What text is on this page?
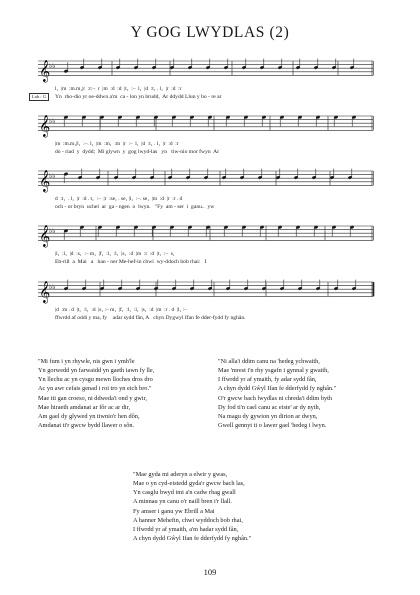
Y GOG LWYDLAS (2)
𝄞
♭♭
Lah : G
l₁  |m  :m.m₁|r  :r:–  r  |m  :d  :d  |t₁  :–  l₁  |d  :t₁ . l₁  |r  :d  :r
Yn  rho-dio yr oe-ddwn a'm  ca - lon yn brudd,  Ar ddydd Llun y bo - re ar
𝄞
♭♭
|m  :m.m₁|l₁  :–. l₁  |m  :m₁  :m  |r  :–  l₁  |d  :t₁ . l₁  |r  :d  :r
do - riad  y  dydd;  Mi glywn  y  gog lwyd-las   yn   tiw-nio mor fwyn  Ar
𝄞
♭♭
d  :t₁  . l₁  |r  :d . t₁  :–  |r  :se₁ . se₁ |l₁  :–. se₁  |m  :d  |r  :r . d
och - or bryn  uchel  ar  ga - ngen  o  lwyn.   "Fy  am - ser  i  ganu..  yw
𝄞
♭♭
|l₁  :l₁  |d  :s₁  :– m₁  |f₁  :l₁  :l₁  |s₁  :d  |m  :r  :d  |t₁  :–  s₁
Eb-rill  a  Mai   a   han - ner Me-hef-in chwi  wy-ddoch bob rhai:   I
𝄞
♭♭
|d  :m . d  |t₁  :l₁  :d  |s₁ :– m₁  |f₁  :l₁  :l₁  |s₁  :d  |m  :r . d  |l₁ :–
ffwrdd af oddi y ma, fy    adar sydd fân, A   chyn Dygwyl Ifan fe dder-fydd fy nghân.
"Mi fum i yn rhywle, nis gwn i ymh'le
Yn gorwedd yn farwaidd yn gaeth iawn fy lle,
Yn llechu ac yn cysgu mewn lloches dros dro
Ac yn awr cefais genad i roi tro yn eich bro."
Mae iti gan croeso, ni ddweda'i ond y gwir,
Mae hiraeth amdanat ar fôr ac ar dir,
Am gael dy glywed yn tiwnio'r hen dôn,
Amdanat ti'r gwcw bydd llawer o sôn.
"Ni alla'i ddim canu na 'hedeg ychwaith,
Mae 'mrest i'n rhy ysgafn i gynnal y gwaith,
I ffwrdd yr af ymaith, fy adar sydd fân,
A chyn dydd Gŵyl Ifan fe dderfydd fy nghân."
O'r gwcw bach lwydlas ni chreda'i ddim byth
Dy fod ti'n cael canu ac eiste' ar dy nyth,
Na magu dy gywion yn dirion ar dwyn,
Gwell gennyt ti o lawer gael 'hedeg i lwyn.
"Mae gyda mi aderyn a elwir y gwas,
Mae o yn cyd-eistedd gyda'r gwcw bach las,
Yn casglu bwyd imi a'n cadw rhag gwall
A minnau yn canu o'r naill bren i'r llall.
Fy amser i ganu yw Ebrill a Mai
A hanner Mehefin, chwi wyddoch bob rhai,
I ffwrdd yr af ymaith, a'm hadar sydd fân,
A chyn dydd Gŵyl Ifan fe dderfydd fy nghân."
109
